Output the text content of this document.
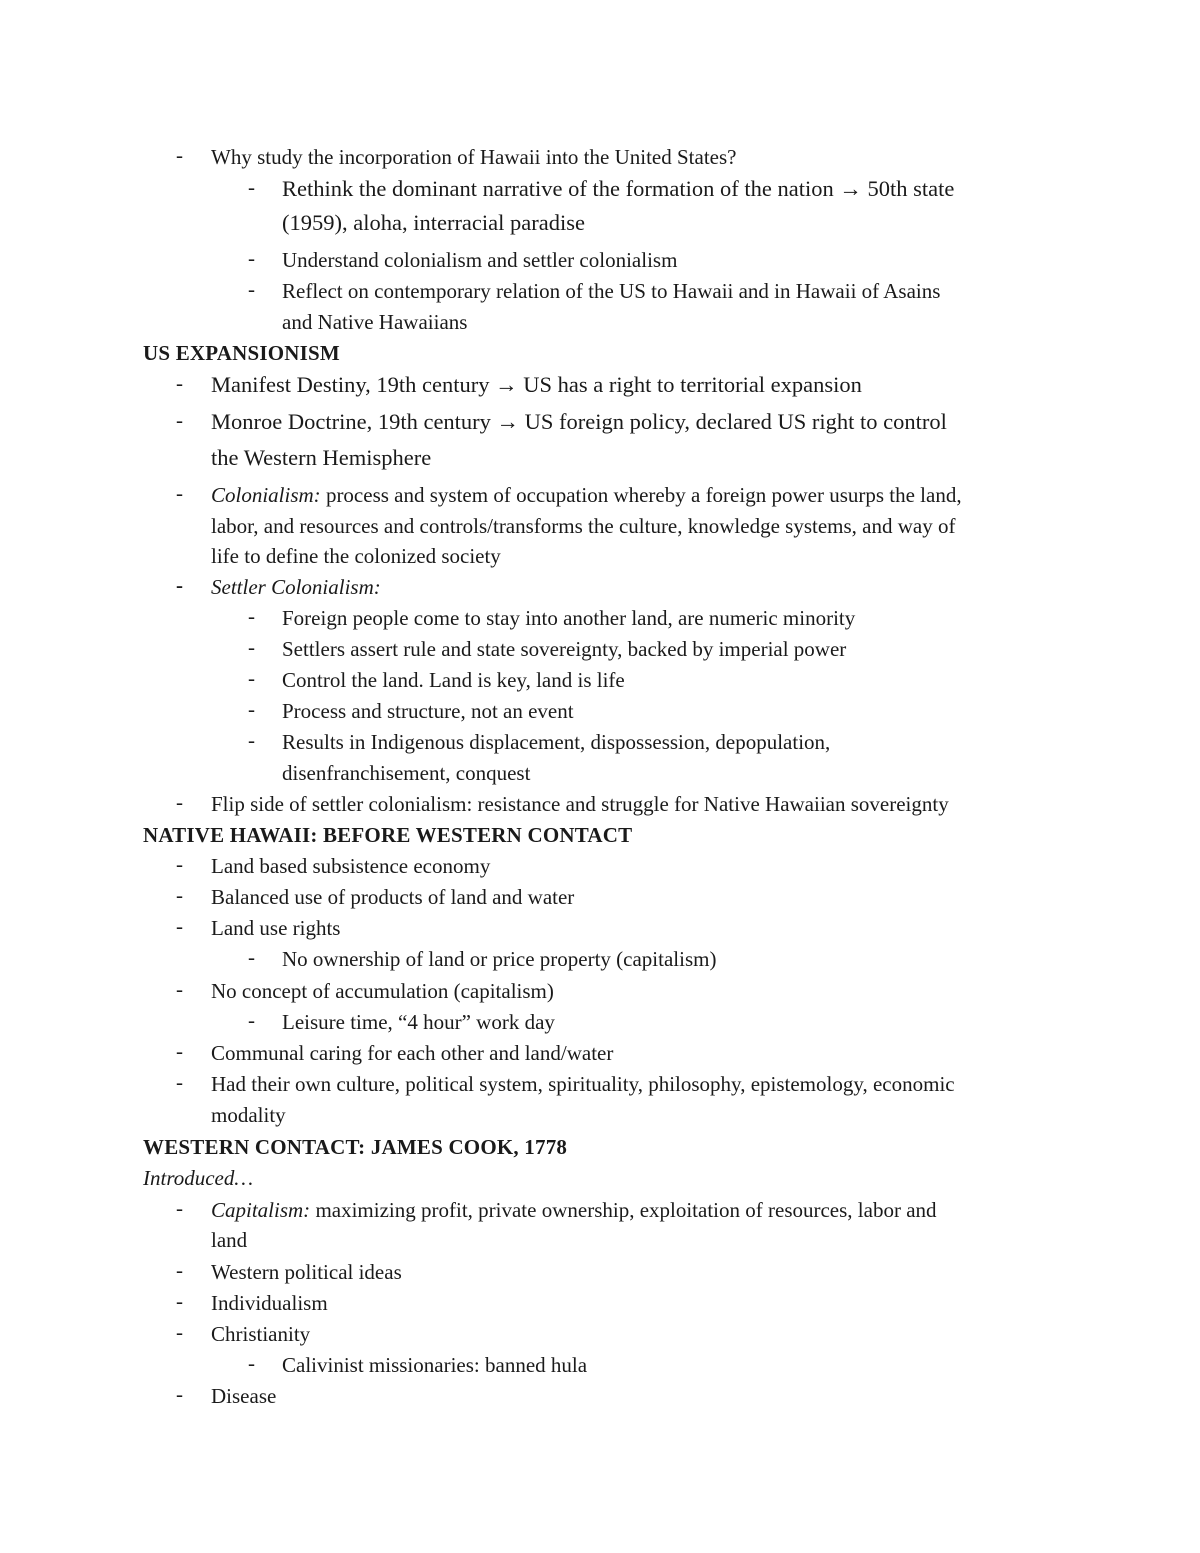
- Why study the incorporation of Hawaii into the United States?
- Rethink the dominant narrative of the formation of the nation → 50th state
(1959), aloha, interracial paradise
- Understand colonialism and settler colonialism
- Reflect on contemporary relation of the US to Hawaii and in Hawaii of Asains
and Native Hawaiians
US EXPANSIONISM
- Manifest Destiny, 19th century → US has a right to territorial expansion
- Monroe Doctrine, 19th century → US foreign policy, declared US right to control
the Western Hemisphere
- Colonialism: process and system of occupation whereby a foreign power usurps the land,
labor, and resources and controls/transforms the culture, knowledge systems, and way of
life to define the colonized society
- Settler Colonialism:
- Foreign people come to stay into another land, are numeric minority
- Settlers assert rule and state sovereignty, backed by imperial power
- Control the land. Land is key, land is life
- Process and structure, not an event
- Results in Indigenous displacement, dispossession, depopulation,
disenfranchisement, conquest
- Flip side of settler colonialism: resistance and struggle for Native Hawaiian sovereignty
NATIVE HAWAII: BEFORE WESTERN CONTACT
- Land based subsistence economy
- Balanced use of products of land and water
- Land use rights
- No ownership of land or price property (capitalism)
- No concept of accumulation (capitalism)
- Leisure time, “4 hour” work day
- Communal caring for each other and land/water
- Had their own culture, political system, spirituality, philosophy, epistemology, economic
modality
WESTERN CONTACT: JAMES COOK, 1778
Introduced…
- Capitalism: maximizing profit, private ownership, exploitation of resources, labor and
land
- Western political ideas
- Individualism
- Christianity
- Calivinist missionaries: banned hula
- Disease
